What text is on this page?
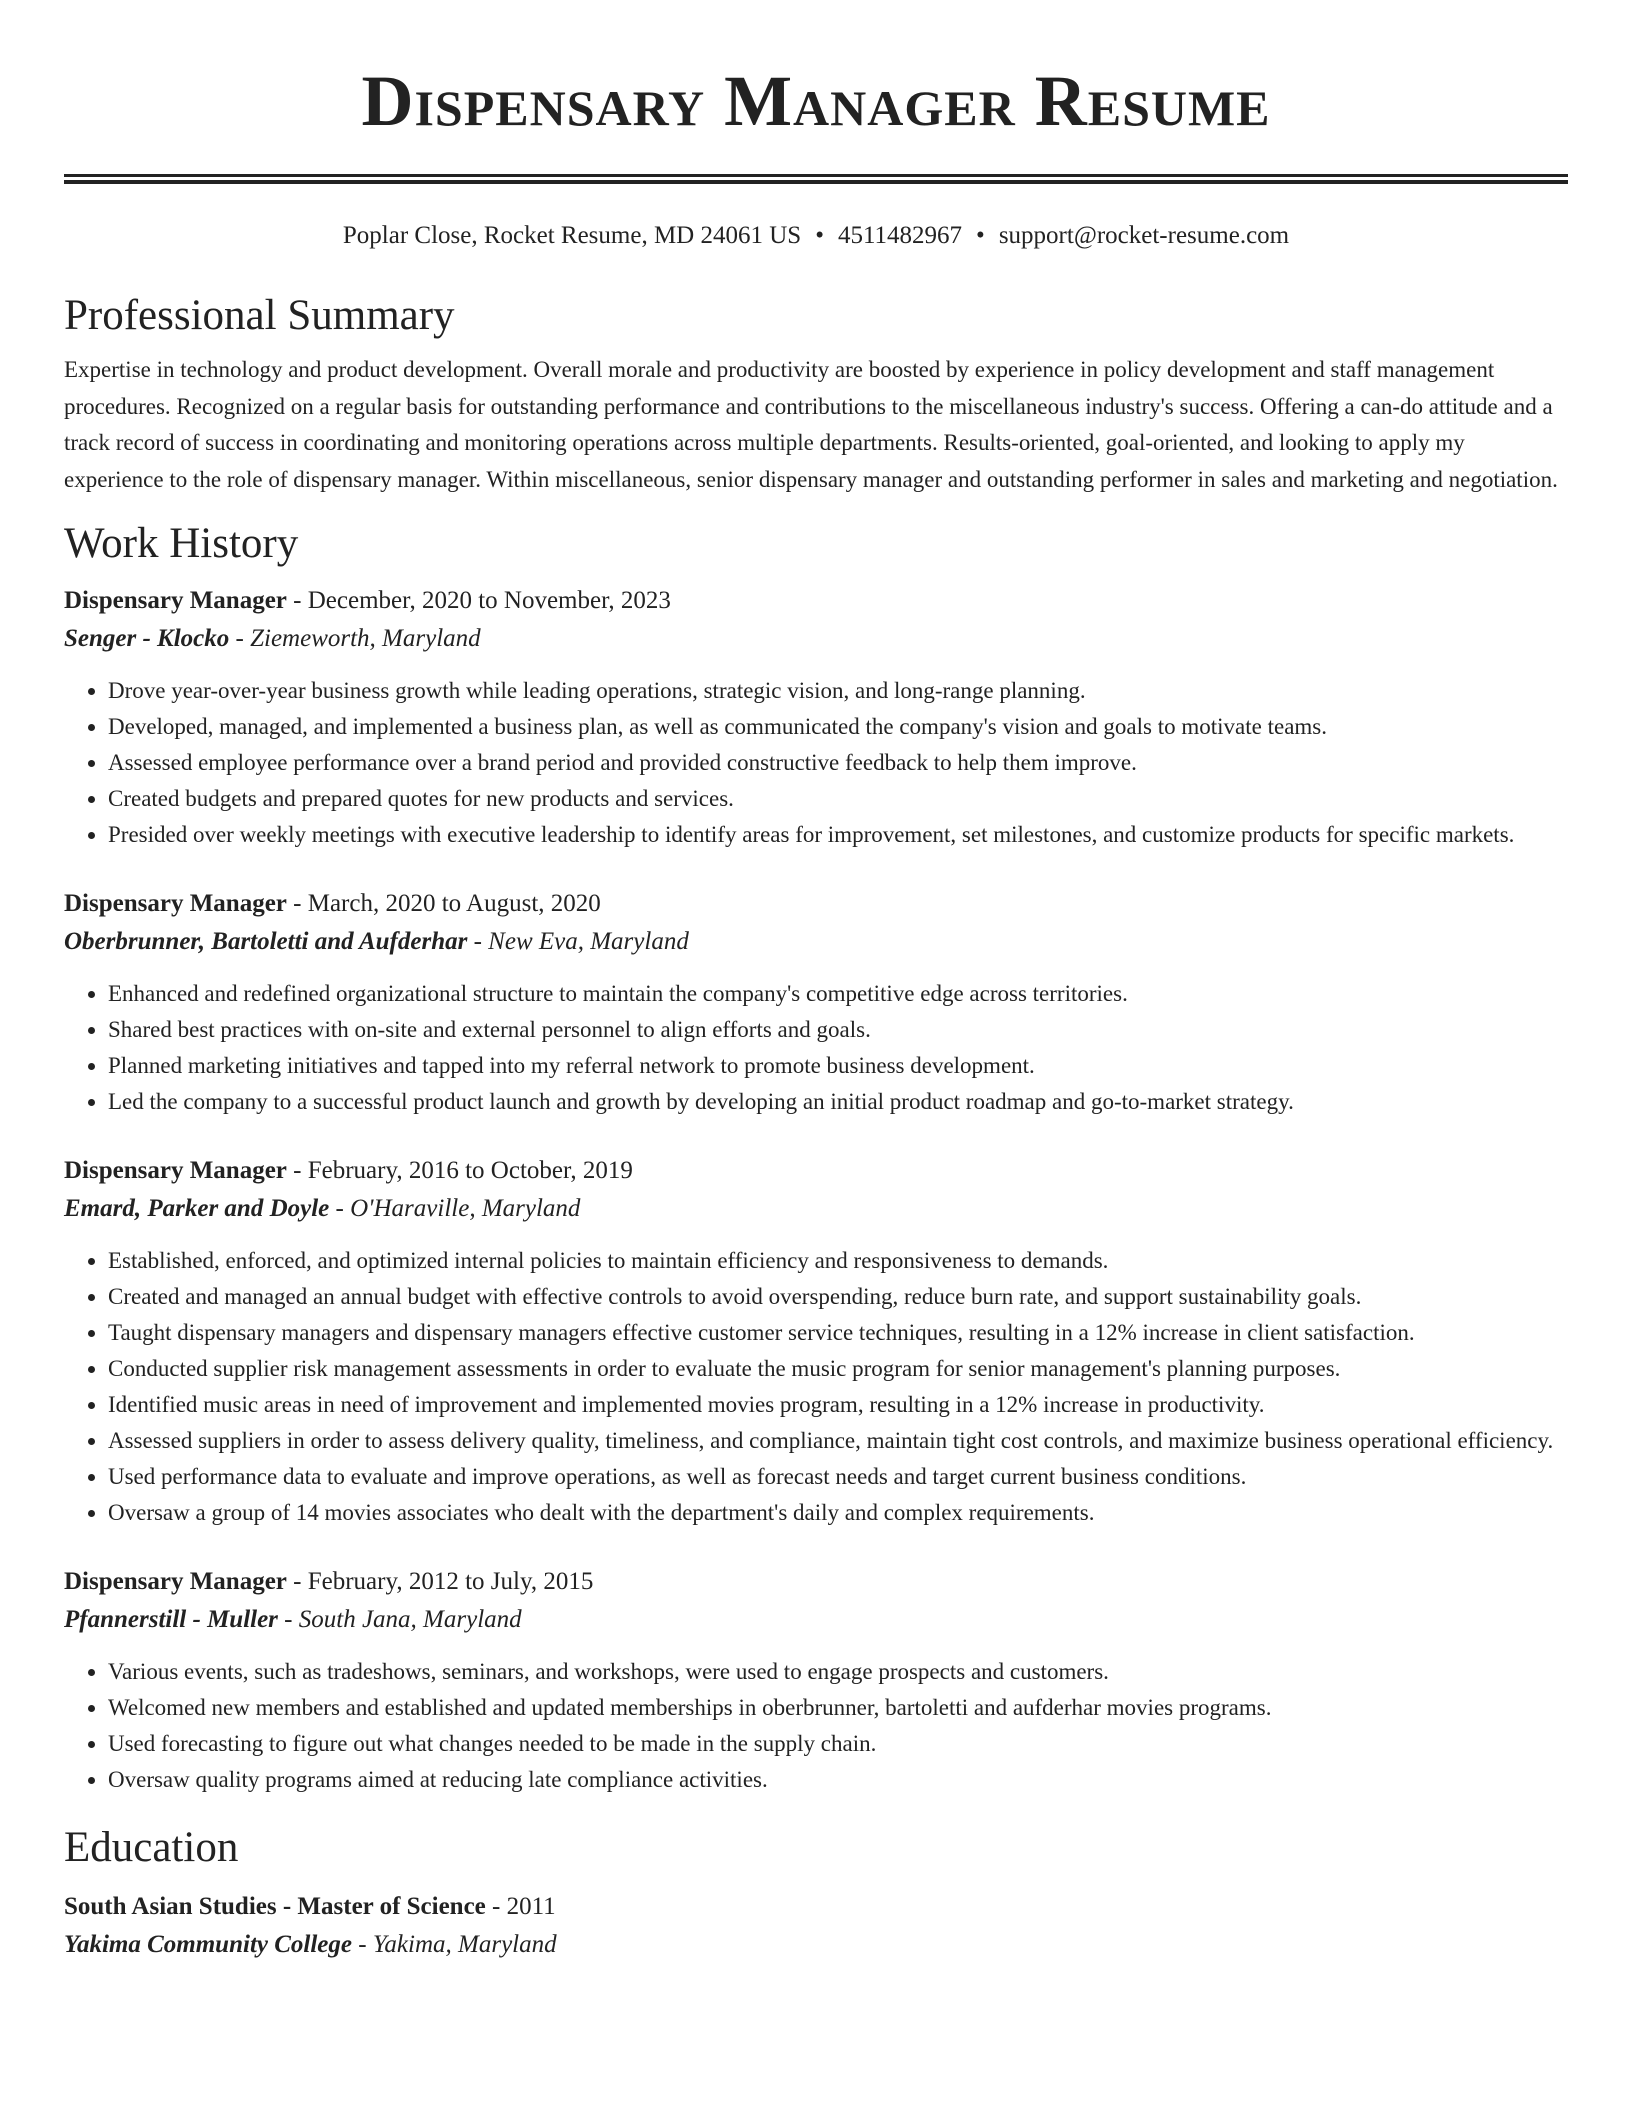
Dispensary Manager Resume
Poplar Close, Rocket Resume, MD 24061 US • 4511482967 • support@rocket-resume.com
Professional Summary

Expertise in technology and product development. Overall morale and productivity are boosted by experience in policy development and staff management procedures. Recognized on a regular basis for outstanding performance and contributions to the miscellaneous industry's success. Offering a can-do attitude and a track record of success in coordinating and monitoring operations across multiple departments. Results-oriented, goal-oriented, and looking to apply my experience to the role of dispensary manager. Within miscellaneous, senior dispensary manager and outstanding performer in sales and marketing and negotiation.

Work History
Dispensary Manager - December, 2020 to November, 2023
Senger - Klocko - Ziemeworth, Maryland
• Drove year-over-year business growth while leading operations, strategic vision, and long-range planning.
• Developed, managed, and implemented a business plan, as well as communicated the company's vision and goals to motivate teams.
• Assessed employee performance over a brand period and provided constructive feedback to help them improve.
• Created budgets and prepared quotes for new products and services.
• Presided over weekly meetings with executive leadership to identify areas for improvement, set milestones, and customize products for specific markets.
Dispensary Manager - March, 2020 to August, 2020
Oberbrunner, Bartoletti and Aufderhar - New Eva, Maryland
• Enhanced and redefined organizational structure to maintain the company's competitive edge across territories.
• Shared best practices with on-site and external personnel to align efforts and goals.
• Planned marketing initiatives and tapped into my referral network to promote business development.
• Led the company to a successful product launch and growth by developing an initial product roadmap and go-to-market strategy.
Dispensary Manager - February, 2016 to October, 2019
Emard, Parker and Doyle - O'Haraville, Maryland
• Established, enforced, and optimized internal policies to maintain efficiency and responsiveness to demands.
• Created and managed an annual budget with effective controls to avoid overspending, reduce burn rate, and support sustainability goals.
• Taught dispensary managers and dispensary managers effective customer service techniques, resulting in a 12% increase in client satisfaction.
• Conducted supplier risk management assessments in order to evaluate the music program for senior management's planning purposes.
• Identified music areas in need of improvement and implemented movies program, resulting in a 12% increase in productivity.
• Assessed suppliers in order to assess delivery quality, timeliness, and compliance, maintain tight cost controls, and maximize business operational efficiency.
• Used performance data to evaluate and improve operations, as well as forecast needs and target current business conditions.
• Oversaw a group of 14 movies associates who dealt with the department's daily and complex requirements.
Dispensary Manager - February, 2012 to July, 2015
Pfannerstill - Muller - South Jana, Maryland
• Various events, such as tradeshows, seminars, and workshops, were used to engage prospects and customers.
• Welcomed new members and established and updated memberships in oberbrunner, bartoletti and aufderhar movies programs.
• Used forecasting to figure out what changes needed to be made in the supply chain.
• Oversaw quality programs aimed at reducing late compliance activities.
Education
South Asian Studies - Master of Science - 2011
Yakima Community College - Yakima, Maryland
